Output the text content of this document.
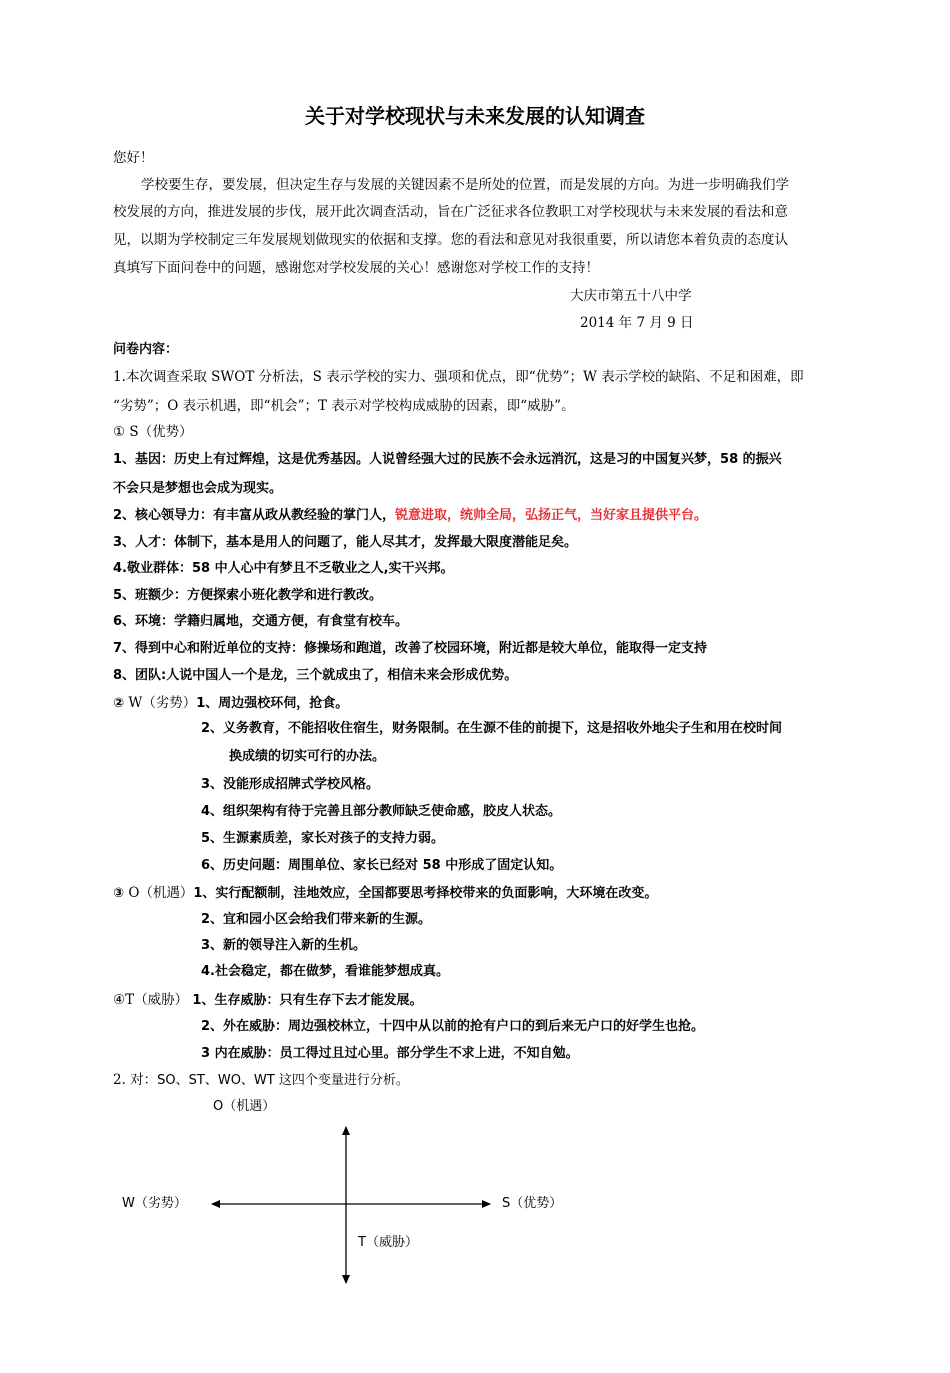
关于对学校现状与未来发展的认知调查
您好！
学校要生存，要发展，但决定生存与发展的关键因素不是所处的位置，而是发展的方向。为进一步明确我们学
校发展的方向，推进发展的步伐，展开此次调查活动，旨在广泛征求各位教职工对学校现状与未来发展的看法和意
见，以期为学校制定三年发展规划做现实的依据和支撑。您的看法和意见对我很重要，所以请您本着负责的态度认
真填写下面问卷中的问题，感谢您对学校发展的关心！感谢您对学校工作的支持！
大庆市第五十八中学
2014 年 7 月 9 日
问卷内容：
1.本次调查采取 SWOT 分析法，S 表示学校的实力、强项和优点，即“优势”；W 表示学校的缺陷、不足和困难，即
“劣势”；O 表示机遇，即“机会”；T 表示对学校构成威胁的因素，即“威胁”。
① S（优势）
1、基因：历史上有过辉煌，这是优秀基因。人说曾经强大过的民族不会永远消沉，这是习的中国复兴梦，58 的振兴
不会只是梦想也会成为现实。
2、核心领导力：有丰富从政从教经验的掌门人，锐意进取，统帅全局，弘扬正气，当好家且提供平台。
3、人才：体制下，基本是用人的问题了，能人尽其才，发挥最大限度潜能足矣。
4.敬业群体：58 中人心中有梦且不乏敬业之人,实干兴邦。
5、班额少：方便探索小班化教学和进行教改。
6、环境：学籍归属地，交通方便，有食堂有校车。
7、得到中心和附近单位的支持：修操场和跑道，改善了校园环境，附近都是较大单位，能取得一定支持
8、团队:人说中国人一个是龙，三个就成虫了，相信未来会形成优势。
② W（劣势）1、周边强校环伺，抢食。
2、义务教育，不能招收住宿生，财务限制。在生源不佳的前提下，这是招收外地尖子生和用在校时间
换成绩的切实可行的办法。
3、没能形成招牌式学校风格。
4、组织架构有待于完善且部分教师缺乏使命感，胶皮人状态。
5、生源素质差，家长对孩子的支持力弱。
6、历史问题：周围单位、家长已经对 58 中形成了固定认知。
③ O（机遇）1、实行配额制，洼地效应，全国都要思考择校带来的负面影响，大环境在改变。
2、宜和园小区会给我们带来新的生源。
3、新的领导注入新的生机。
4.社会稳定，都在做梦，看谁能梦想成真。
④T（威胁） 1、生存威胁：只有生存下去才能发展。
2、外在威胁：周边强校林立，十四中从以前的抢有户口的到后来无户口的好学生也抢。
3 内在威胁：员工得过且过心里。部分学生不求上进，不知自勉。
2. 对：SO、ST、WO、WT 这四个变量进行分析。
O（机遇）
W（劣势）	S（优势）
T（威胁）
